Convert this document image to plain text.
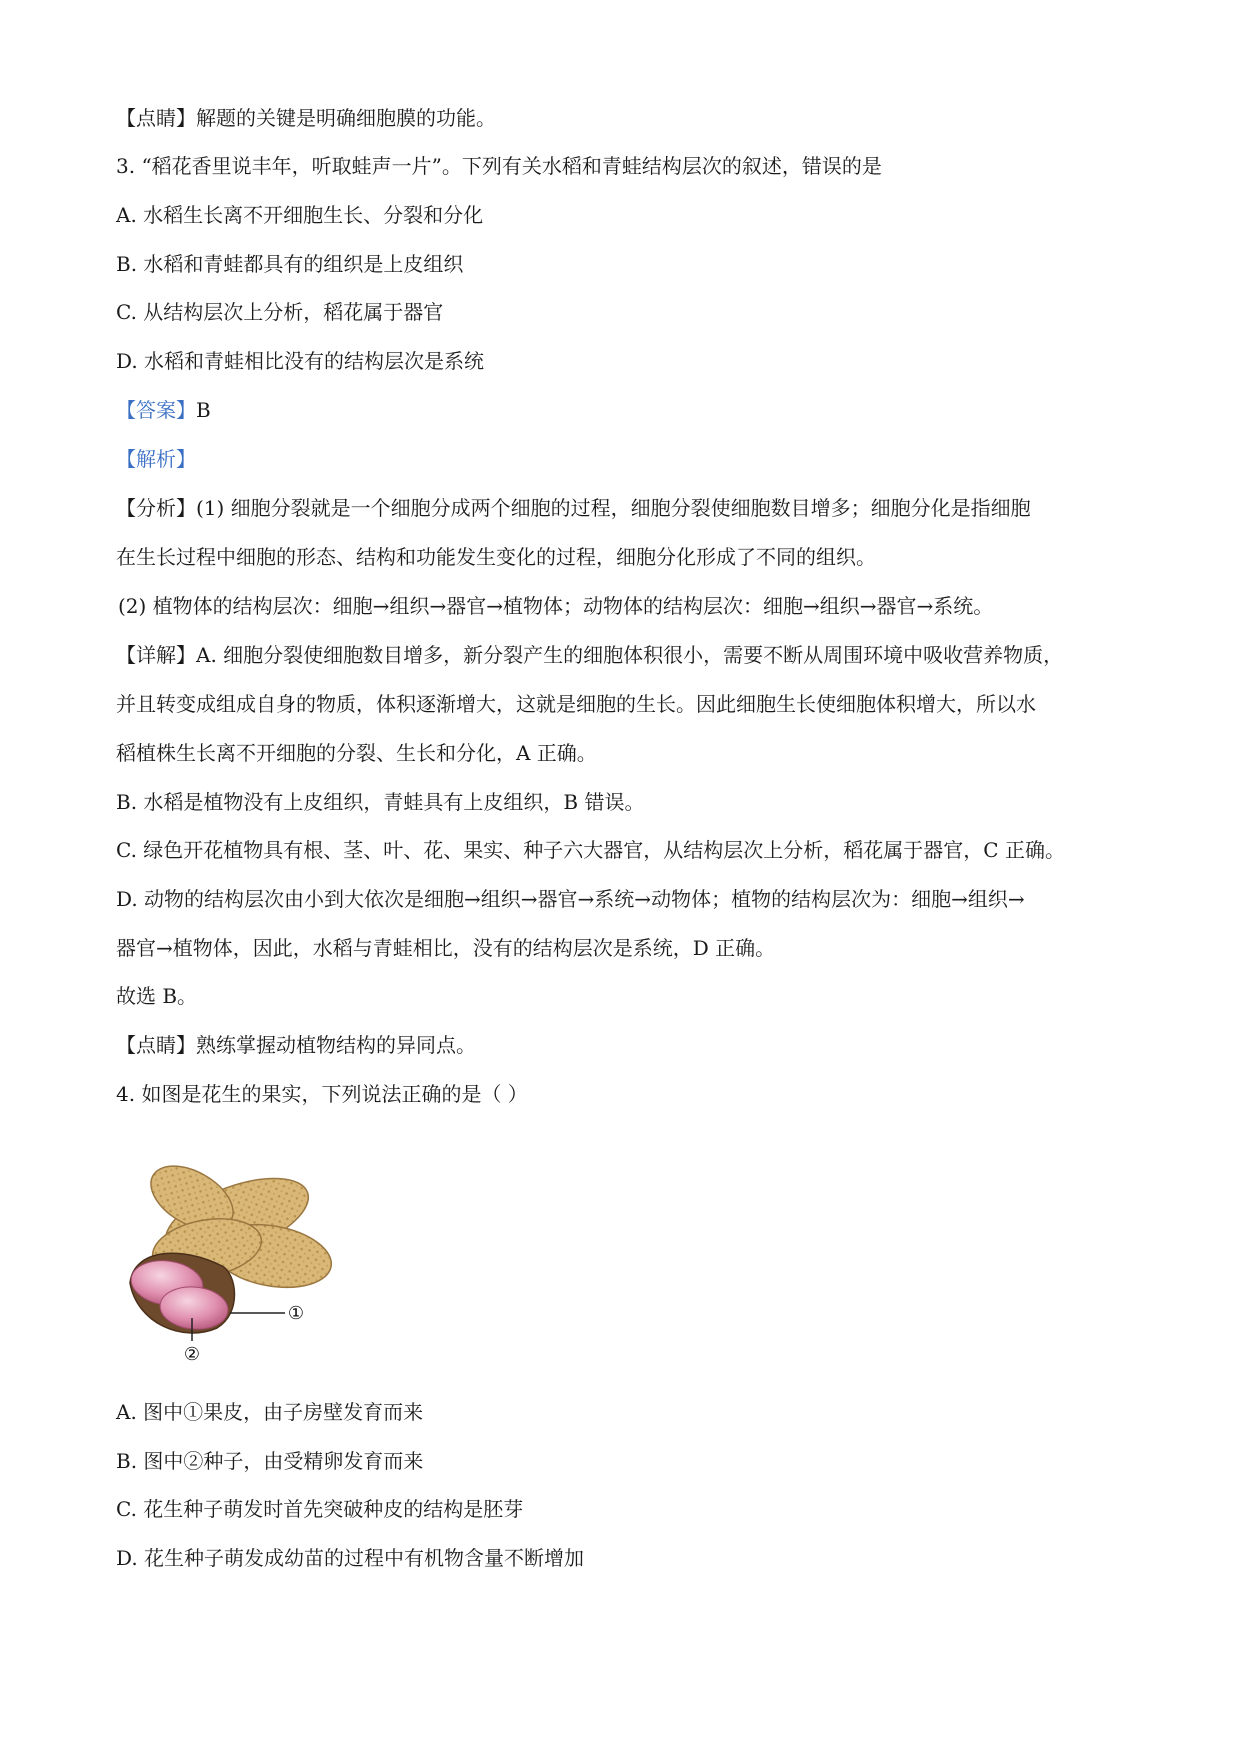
【点睛】解题的关键是明确细胞膜的功能。
3. “稻花香里说丰年，听取蛙声一片”。下列有关水稻和青蛙结构层次的叙述，错误的是
A. 水稻生长离不开细胞生长、分裂和分化
B. 水稻和青蛙都具有的组织是上皮组织
C. 从结构层次上分析，稻花属于器官
D. 水稻和青蛙相比没有的结构层次是系统
【答案】B
【解析】
【分析】(1) 细胞分裂就是一个细胞分成两个细胞的过程，细胞分裂使细胞数目增多；细胞分化是指细胞
在生长过程中细胞的形态、结构和功能发生变化的过程，细胞分化形成了不同的组织。
(2) 植物体的结构层次：细胞→组织→器官→植物体；动物体的结构层次：细胞→组织→器官→系统。
【详解】A. 细胞分裂使细胞数目增多，新分裂产生的细胞体积很小，需要不断从周围环境中吸收营养物质，
并且转变成组成自身的物质，体积逐渐增大，这就是细胞的生长。因此细胞生长使细胞体积增大，所以水
稻植株生长离不开细胞的分裂、生长和分化，A 正确。
B. 水稻是植物没有上皮组织，青蛙具有上皮组织，B 错误。
C. 绿色开花植物具有根、茎、叶、花、果实、种子六大器官，从结构层次上分析，稻花属于器官，C 正确。
D. 动物的结构层次由小到大依次是细胞→组织→器官→系统→动物体；植物的结构层次为：细胞→组织→
器官→植物体，因此，水稻与青蛙相比，没有的结构层次是系统，D 正确。
故选 B。
【点睛】熟练掌握动植物结构的异同点。
4. 如图是花生的果实，下列说法正确的是（ ）
①
②
A. 图中①果皮，由子房壁发育而来
B. 图中②种子，由受精卵发育而来
C. 花生种子萌发时首先突破种皮的结构是胚芽
D. 花生种子萌发成幼苗的过程中有机物含量不断增加
